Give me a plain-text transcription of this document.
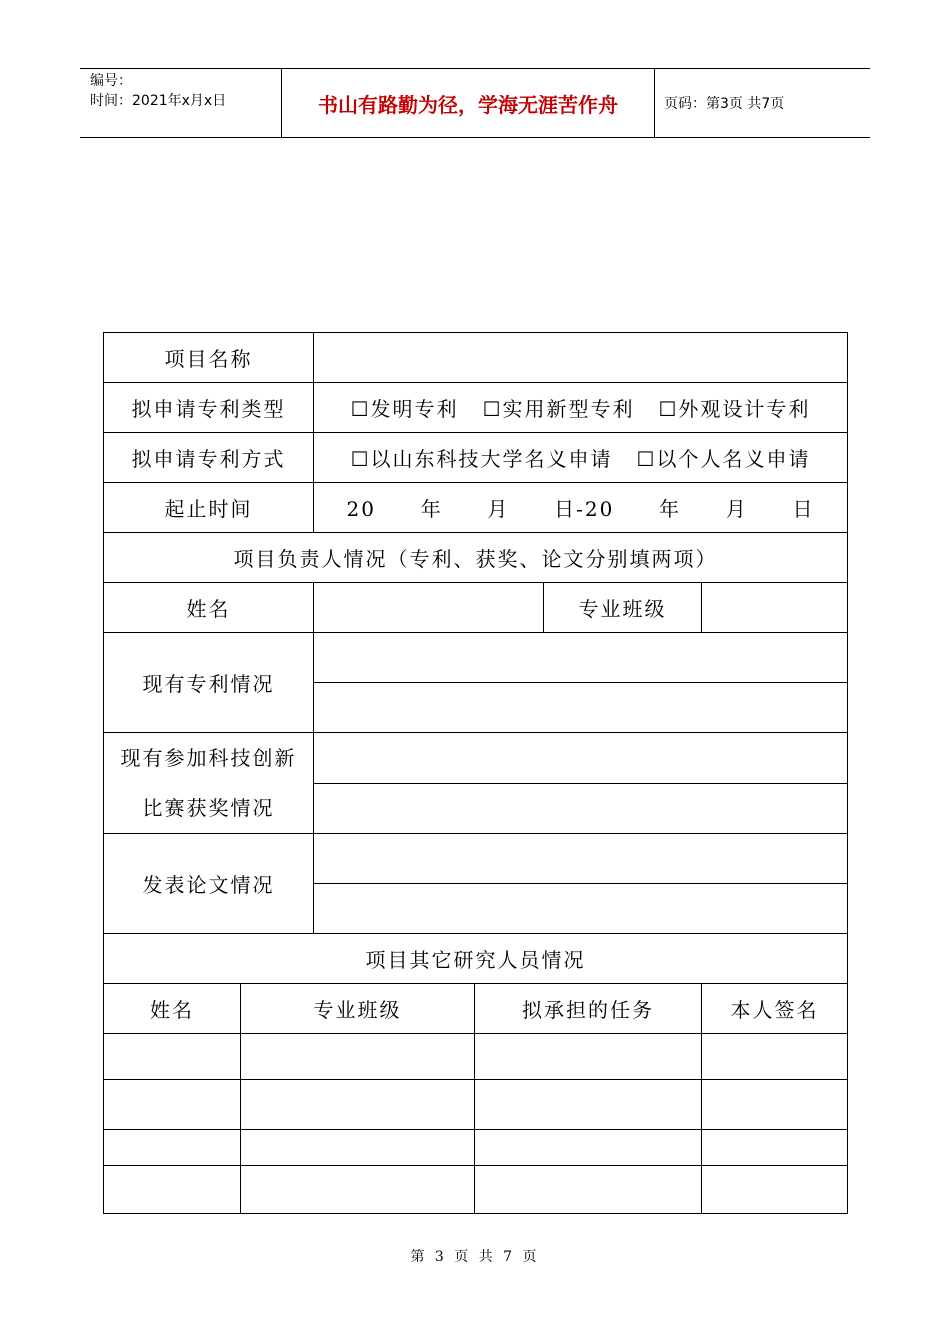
编号：
时间：2021年x月x日	书山有路勤为径，学海无涯苦作舟	页码：第3页 共7页
项目名称					
拟申请专利类型		☐发明专利 ☐实用新型专利 ☐外观设计专利			
拟申请专利方式		☐以山东科技大学名义申请 ☐以个人名义申请			
起止时间		20  年  月  日-20  年  月  日			
项目负责人情况（专利、获奖、论文分别填两项）					
姓名				专业班级	
现有专利情况					

现有参加科技创新
比赛获奖情况					

发表论文情况					

项目其它研究人员情况					
姓名	专业班级		拟承担的任务		本人签名

第 3 页 共 7 页
